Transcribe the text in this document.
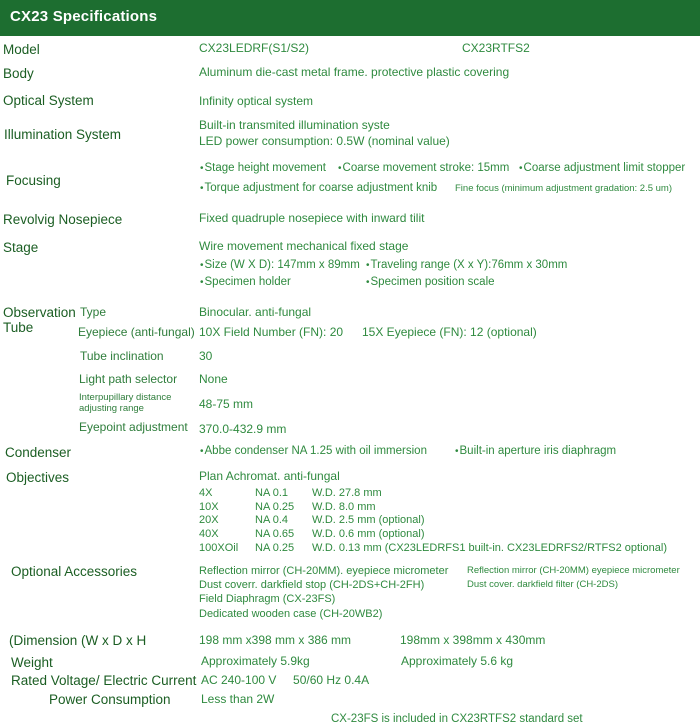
CX23 Specifications
Model	CX23LEDRF(S1/S2)	CX23RTFS2
Body	Aluminum die-cast metal frame. protective plastic covering
Optical System	Infinity optical system
Illumination System
Built-in transmited illumination syste
LED power consumption: 0.5W (nominal value)
Focusing
• Stage height movement	• Coarse movement stroke: 15mm	• Coarse adjustment limit stopper
• Torque adjustment for coarse adjustment knib Fine focus (minimum adjustment gradation: 2.5 um)
Revolvig Nosepiece	Fixed quadruple nosepiece with inward tilit
Stage	Wire movement mechanical fixed stage
• Size (W X D): 147mm x 89mm • Traveling range (X x Y):76mm x 30mm
• Specimen holder	• Specimen position scale
Observation
Tube
Type	Binocular. anti-fungal
Eyepiece (anti-fungal) 10X Field Number (FN): 20 15X Eyepiece (FN): 12 (optional)
Tube inclination	30
Light path selector None
Interpupillary distance
adjusting range	48-75 mm
Eyepoint adjustment 370.0-432.9 mm
Condenser	• Abbe condenser NA 1.25 with oil immersion	• Built-in aperture iris diaphragm
Objectives	Plan Achromat. anti-fungal
4X	NA 0.1 W.D. 27.8 mm
10X	NA 0.25 W.D. 8.0 mm
20X	NA 0.4 W.D. 2.5 mm (optional)
40X	NA 0.65 W.D. 0.6 mm (optional)
100XOil NA 0.25 W.D. 0.13 mm (CX23LEDRFS1 built-in. CX23LEDRFS2/RTFS2 optional)
Optional Accessories	Reflection mirror (CH-20MM). eyepiece micrometer
Dust coverr. darkfield stop (CH-2DS+CH-2FH)
Field Diaphragm (CX-23FS)
Dedicated wooden case (CH-20WB2)
Reflection mirror (CH-20MM) eyepiece micrometer
Dust cover. darkfield filter (CH-2DS)
(Dimension (W x D x H	198 mm x398 mm x 386 mm	198mm x 398mm x 430mm
Weight	Approximately 5.9kg	Approximately 5.6 kg
Rated Voltage/ Electric Current AC 240-100 V     50/60 Hz 0.4A
Power Consumption	Less than 2W
CX-23FS is included in CX23RTFS2 standard set
